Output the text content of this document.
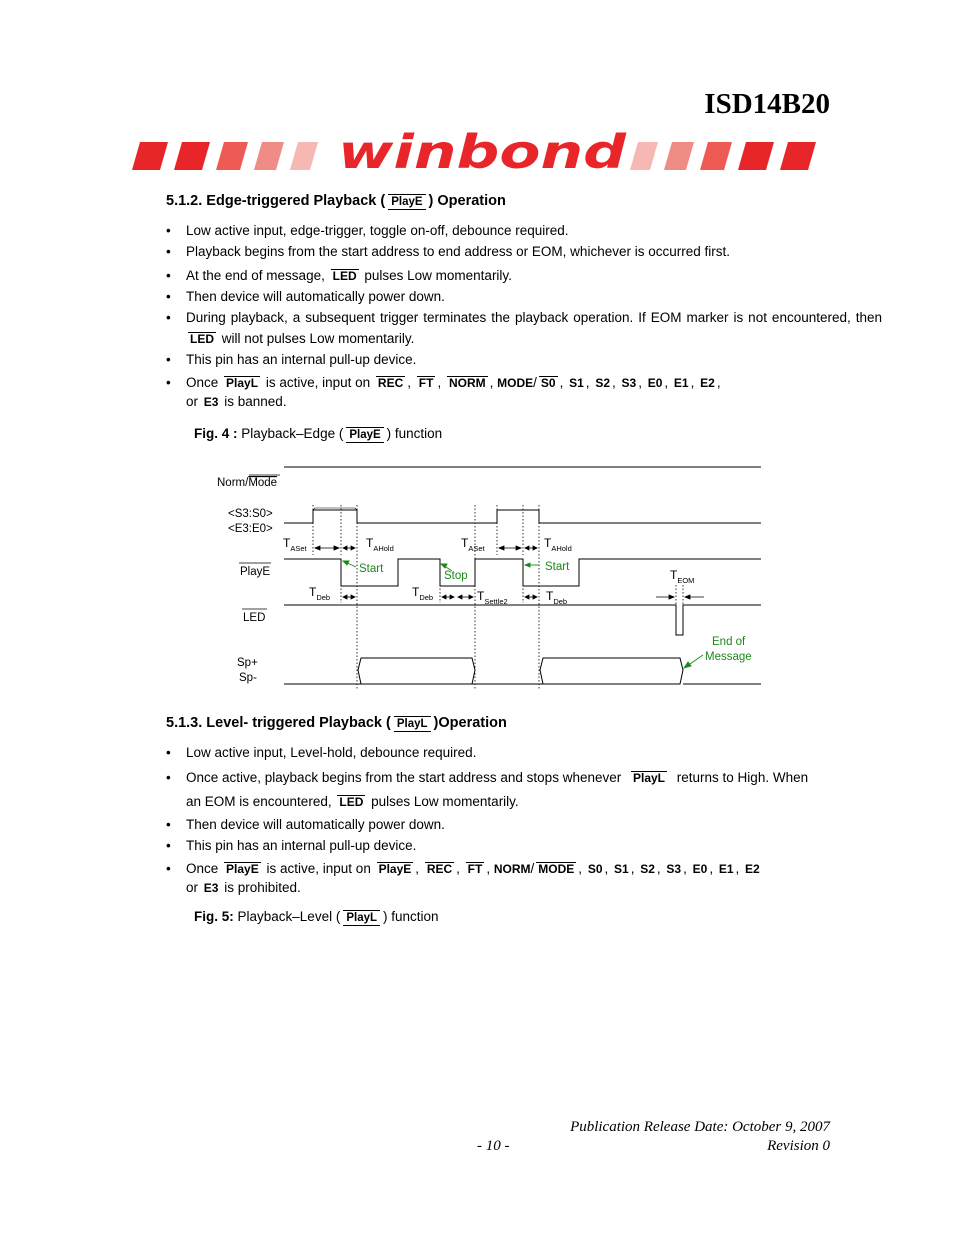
ISD14B20
winbond
5.1.2. Edge-triggered Playback ( PlayE ) Operation
• Low active input, edge-trigger, toggle on-off, debounce required.
• Playback begins from the start address to end address or EOM, whichever is occurred first.
• At the end of message, LED pulses Low momentarily.
• Then device will automatically power down.
• During playback, a subsequent trigger terminates the playback operation. If EOM marker is not encountered, then LED will not pulses Low momentarily.
• This pin has an internal pull-up device.
• Once PlayL is active, input on REC , FT , NORM , MODE/ S0 , S1 , S2 , S3 , E0 , E1 , E2 ,
or E3 is banned.
Fig. 4 : Playback–Edge ( PlayE ) function
Norm/Mode
<S3:S0>
<E3:E0>
PlayE
LED
Sp+
Sp-
$T_{ASet}$	$T_{AHold}$	$T_{ASet}$	$T_{AHold}$
$T_{Deb}$	$T_{Deb}$	$T_{Settle2}$	$T_{Deb}$
$T_{EOM}$
Start
Stop
Start
End of
Message
5.1.3. Level- triggered Playback ( PlayL )Operation
• Low active input, Level-hold, debounce required.
• Once active, playback begins from the start address and stops whenever PlayL returns to High. When
an EOM is encountered, LED pulses Low momentarily.
• Then device will automatically power down.
• This pin has an internal pull-up device.
• Once PlayE is active, input on PlayE , REC , FT , NORM/ MODE , S0 , S1 , S2 , S3 , E0 , E1 , E2
or E3 is prohibited.
Fig. 5: Playback–Level ( PlayL ) function
Publication Release Date: October 9, 2007
- 10 -	Revision 0
